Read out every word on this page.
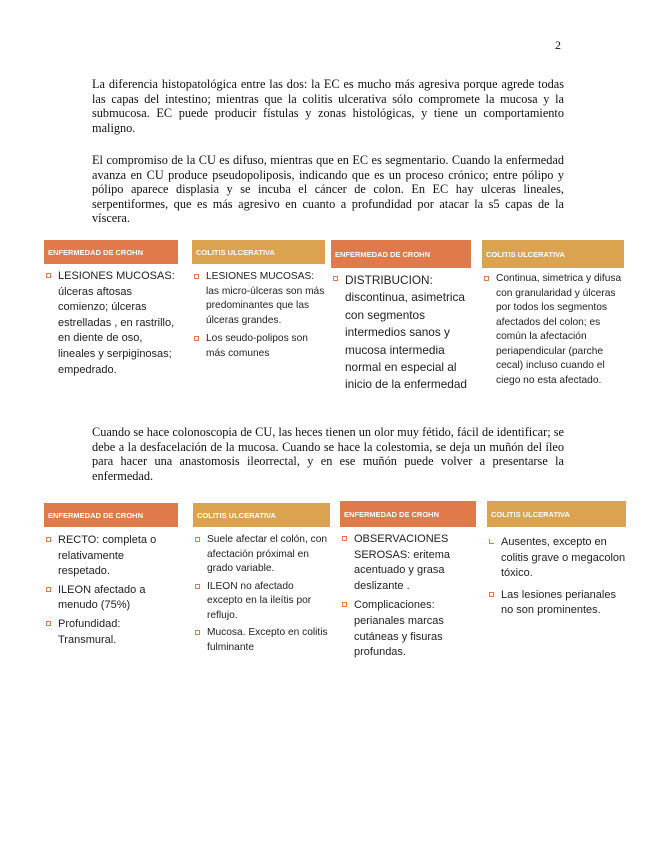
2

La diferencia histopatológica entre las dos: la EC es mucho más agresiva porque agrede todas las capas del intestino; mientras que la colitis ulcerativa sólo compromete la mucosa y la submucosa. EC puede producir fístulas y zonas histológicas, y tiene un comportamiento maligno.

El compromiso de la CU es difuso, mientras que en EC es segmentario. Cuando la enfermedad avanza en CU produce pseudopoliposis, indicando que es un proceso crónico; entre pólipo y pólipo aparece displasia y se incuba el cáncer de colon. En EC hay ulceras lineales, serpentiformes, que es más agresivo en cuanto a profundidad por atacar la s5 capas de la víscera.

ENFERMEDAD DE CROHN
LESIONES MUCOSAS: úlceras aftosas comienzo; úlceras estrelladas , en rastrillo, en diente de oso, lineales y serpiginosas; empedrado.
COLITIS ULCERATIVA
LESIONES MUCOSAS: las micro-úlceras son más predominantes que las úlceras grandes.
Los seudo-polipos son más comunes
ENFERMEDAD DE CROHN
DISTRIBUCION: discontinua, asimetrica con segmentos intermedios sanos y mucosa intermedia normal en especial al inicio de la enfermedad
COLITIS ULCERATIVA
Continua, simetrica y difusa con granularidad y úlceras por todos los segmentos afectados del colon; es común la afectación periapendicular (parche cecal) incluso cuando el ciego no esta afectado.

Cuando se hace colonoscopia de CU, las heces tienen un olor muy fétido, fácil de identificar; se debe a la desfacelación de la mucosa. Cuando se hace la colestomia, se deja un muñón del íleo para hacer una anastomosis ileorrectal, y en ese muñón puede volver a presentarse la enfermedad.

ENFERMEDAD DE CROHN
RECTO: completa o relativamente respetado.
ILEON afectado a menudo (75%)
Profundidad: Transmural.
COLITIS ULCERATIVA
Suele afectar el colón, con afectación próximal en grado variable.
ILEON no afectado excepto en la ileítis por reflujo.
Mucosa. Excepto en colitis fulminante
ENFERMEDAD DE CROHN
OBSERVACIONES SEROSAS: eritema acentuado y grasa deslizante .
Complicaciones: perianales marcas cutáneas y fisuras profundas.
COLITIS ULCERATIVA
Ausentes, excepto en colitis grave o megacolon tóxico.
Las lesiones perianales no son prominentes.
